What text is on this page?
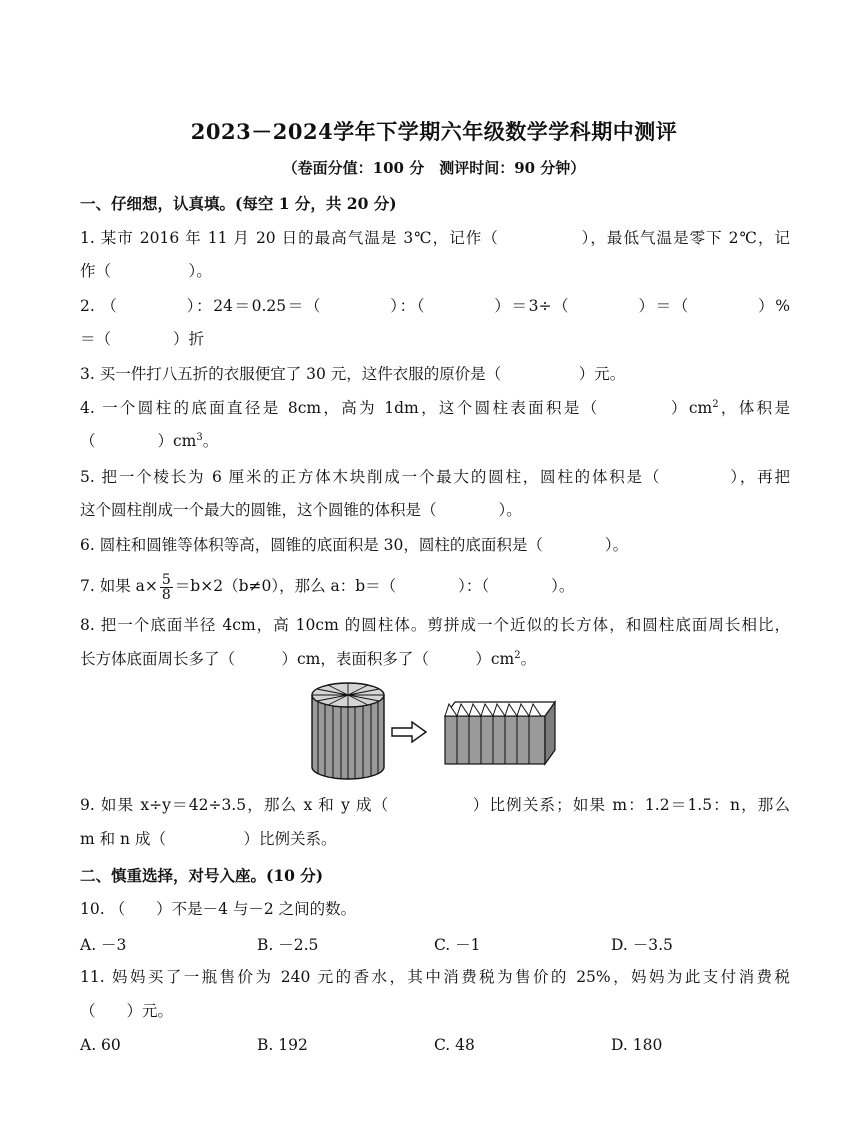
2023－2024学年下学期六年级数学学科期中测评
（卷面分值：100 分　测评时间：90 分钟）
一、仔细想，认真填。(每空 1 分，共 20 分)
1. 某市 2016 年 11 月 20 日的最高气温是 3℃，记作（　　　　　），最低气温是零下 2℃，记
作（　　　　　）。
2. （　　　　）：24＝0.25＝（　　　　）：（　　　　）＝3÷（　　　　）＝（　　　　）%
＝（　　　　）折
3. 买一件打八五折的衣服便宜了 30 元，这件衣服的原价是（　　　　　）元。
4. 一个圆柱的底面直径是 8cm，高为 1dm，这个圆柱表面积是（　　　　）$cm^2$，体积是
（　　　　）$cm^3$。
5. 把一个棱长为 6 厘米的正方体木块削成一个最大的圆柱，圆柱的体积是（　　　　），再把
这个圆柱削成一个最大的圆锥，这个圆锥的体积是（　　　　）。
6. 圆柱和圆锥等体积等高，圆锥的底面积是 30，圆柱的底面积是（　　　　）。
7. 如果 $a\times \frac{5}{8} =b\times 2(b\ne 0)$，那么 a：b＝（　　　　）：（　　　　）。
8. 把一个底面半径 4cm，高 10cm 的圆柱体。剪拼成一个近似的长方体，和圆柱底面周长相比，
长方体底面周长多了（　　　）cm，表面积多了（　　　）$cm^2$。
9. 如果 x÷y＝42÷3.5，那么 x 和 y 成（　　　　　）比例关系；如果 m：1.2＝1.5：n，那么
m 和 n 成（　　　　　）比例关系。
二、慎重选择，对号入座。(10 分)
10. （　　）不是－4 与－2 之间的数。
A. －3	B. －2.5	C. －1	D. －3.5
11. 妈妈买了一瓶售价为 240 元的香水，其中消费税为售价的 25%，妈妈为此支付消费税
（　　）元。
A. 60	B. 192	C. 48	D. 180
